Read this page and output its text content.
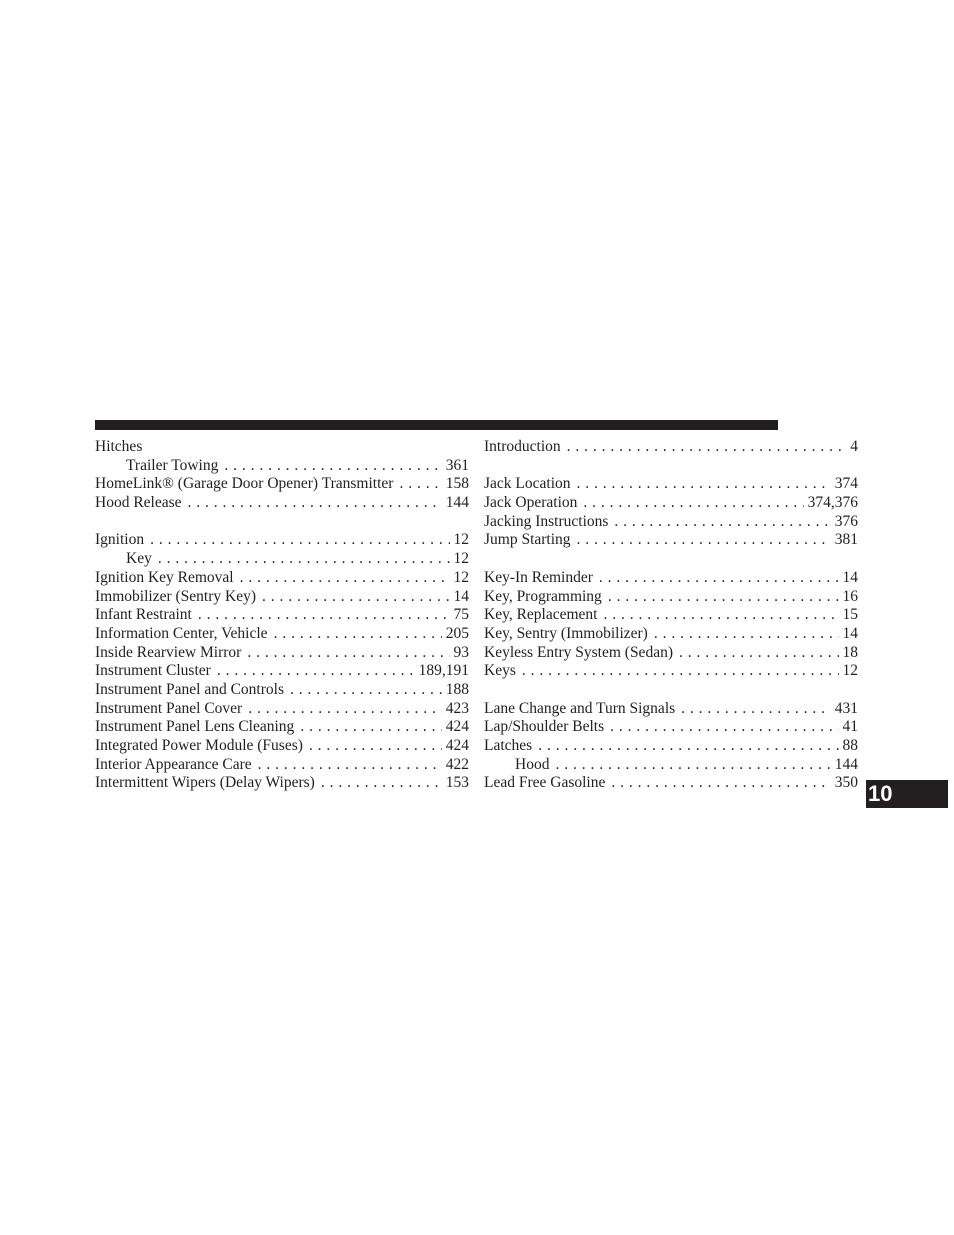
Hitches
Trailer Towing . . .	361
HomeLink® (Garage Door Opener) Transmitter . . .	158
Hood Release . . .	144
Ignition . . .	12
Key . . .	12
Ignition Key Removal . . .	12
Immobilizer (Sentry Key) . . .	14
Infant Restraint . . .	75
Information Center, Vehicle . . .	205
Inside Rearview Mirror . . .	93
Instrument Cluster . . .	189,191
Instrument Panel and Controls . . .	188
Instrument Panel Cover . . .	423
Instrument Panel Lens Cleaning . . .	424
Integrated Power Module (Fuses) . . .	424
Interior Appearance Care . . .	422
Intermittent Wipers (Delay Wipers) . . .	153
Introduction . . .	4
Jack Location . . .	374
Jack Operation . . .	374,376
Jacking Instructions . . .	376
Jump Starting . . .	381
Key-In Reminder . . .	14
Key, Programming . . .	16
Key, Replacement . . .	15
Key, Sentry (Immobilizer) . . .	14
Keyless Entry System (Sedan) . . .	18
Keys . . .	12
Lane Change and Turn Signals . . .	431
Lap/Shoulder Belts . . .	41
Latches . . .	88
Hood . . .	144
Lead Free Gasoline . . .	350 10
